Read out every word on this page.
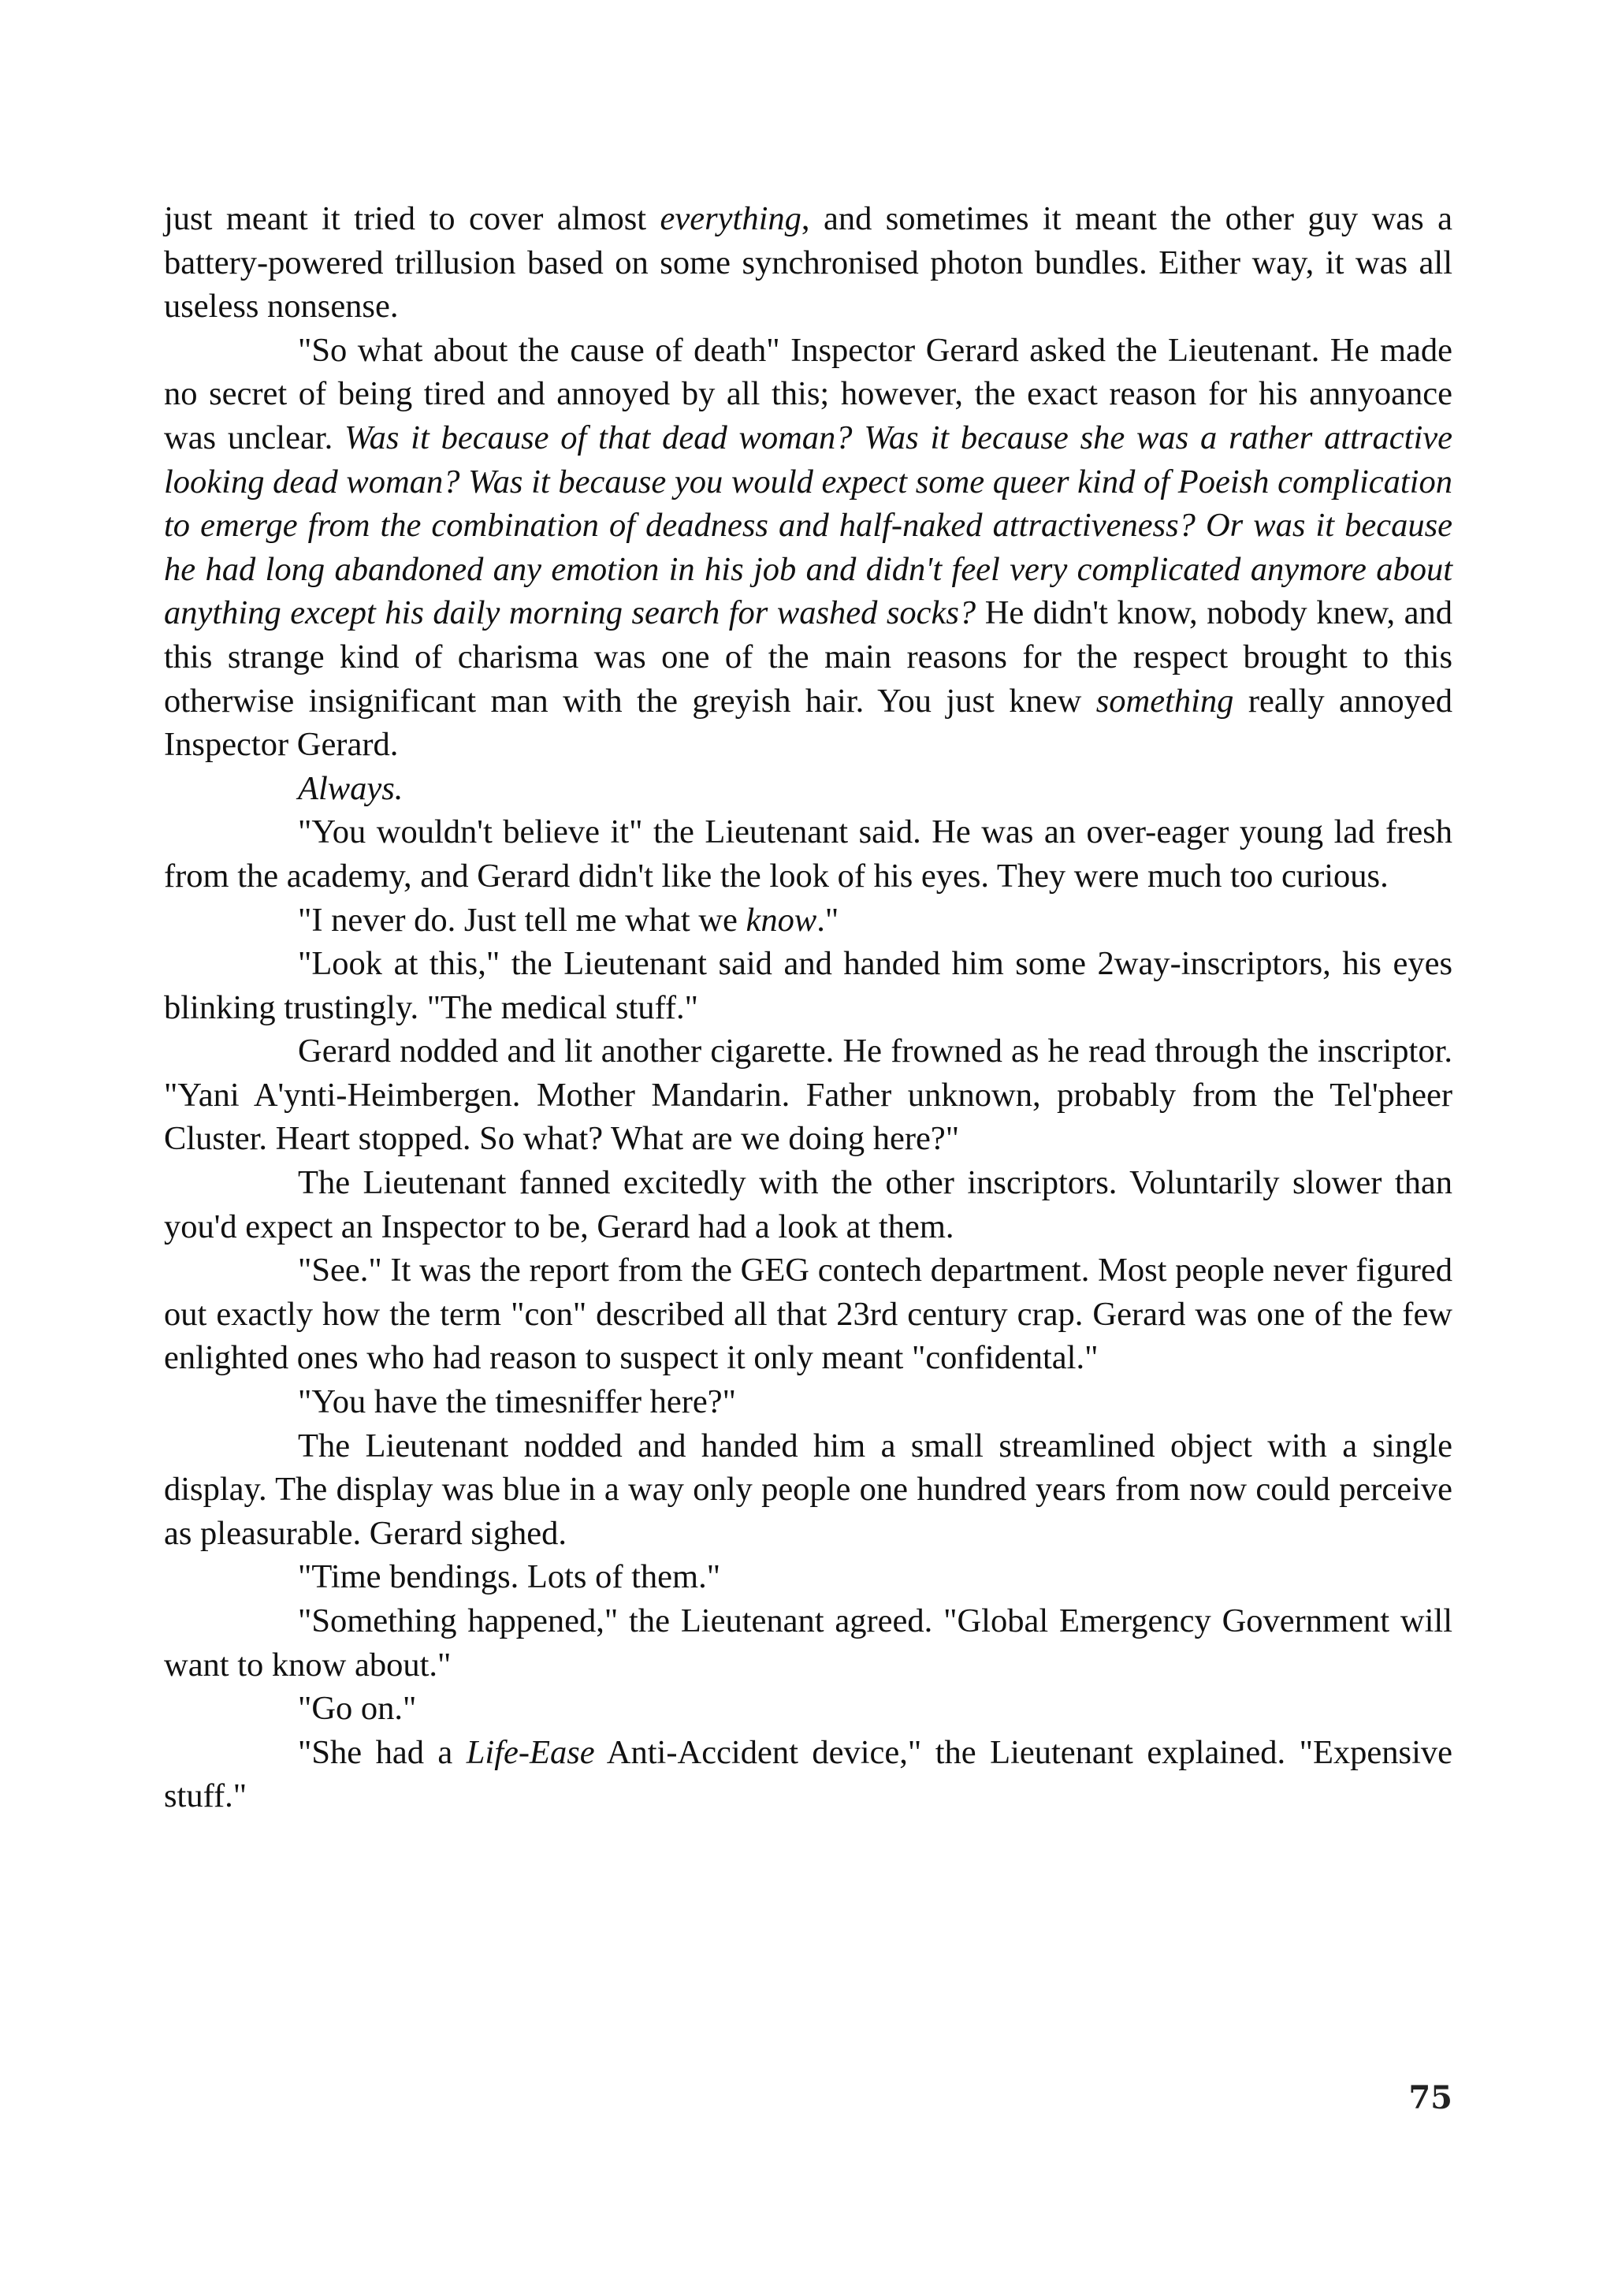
just meant it tried to cover almost everything, and sometimes it meant the other guy was a battery-powered trillusion based on some synchronised photon bundles. Either way, it was all useless nonsense.

"So what about the cause of death" Inspector Gerard asked the Lieutenant. He made no secret of being tired and annoyed by all this; however, the exact reason for his annyoance was unclear. Was it because of that dead woman? Was it because she was a rather attractive looking dead woman? Was it because you would expect some queer kind of Poeish complication to emerge from the combination of deadness and half-naked attractiveness? Or was it because he had long abandoned any emotion in his job and didn't feel very complicated anymore about anything except his daily morning search for washed socks? He didn't know, nobody knew, and this strange kind of charisma was one of the main reasons for the respect brought to this otherwise insignificant man with the greyish hair. You just knew something really annoyed Inspector Gerard.

Always.

"You wouldn't believe it" the Lieutenant said. He was an over-eager young lad fresh from the academy, and Gerard didn't like the look of his eyes. They were much too curious.

"I never do. Just tell me what we know."

"Look at this," the Lieutenant said and handed him some 2way-inscriptors, his eyes blinking trustingly. "The medical stuff."

Gerard nodded and lit another cigarette. He frowned as he read through the inscriptor. "Yani A'ynti-Heimbergen. Mother Mandarin. Father unknown, probably from the Tel'pheer Cluster. Heart stopped. So what? What are we doing here?"

The Lieutenant fanned excitedly with the other inscriptors. Voluntarily slower than you'd expect an Inspector to be, Gerard had a look at them.

"See." It was the report from the GEG contech department. Most people never figured out exactly how the term "con" described all that 23rd century crap. Gerard was one of the few enlighted ones who had reason to suspect it only meant "confidental."

"You have the timesniffer here?"

The Lieutenant nodded and handed him a small streamlined object with a single display. The display was blue in a way only people one hundred years from now could perceive as pleasurable. Gerard sighed.

"Time bendings. Lots of them."

"Something happened," the Lieutenant agreed. "Global Emergency Government will want to know about."

"Go on."

"She had a Life-Ease Anti-Accident device," the Lieutenant explained. "Expensive stuff."

75
